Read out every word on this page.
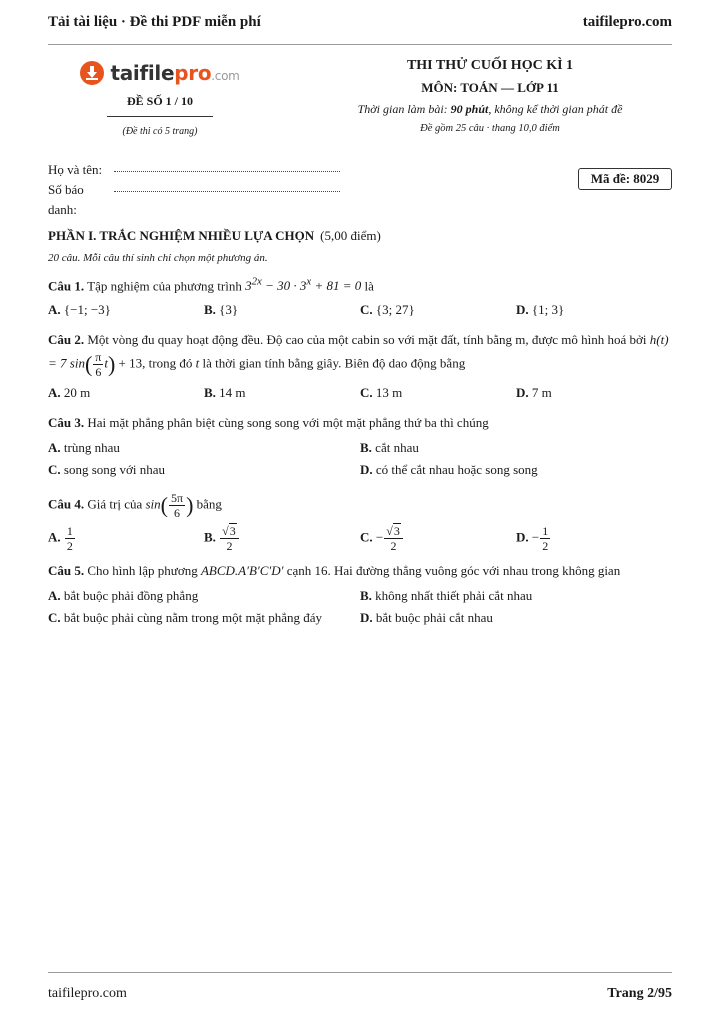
Tải tài liệu · Đề thi PDF miễn phí	taifilepro.com
taifilepro.com
ĐỀ SỐ 1 / 10
(Đề thi có 5 trang)
THI THỬ CUỐI HỌC KÌ 1
MÔN: TOÁN — LỚP 11
Thời gian làm bài: 90 phút, không kể thời gian phát đề
Đề gồm 25 câu · thang 10,0 điểm
Họ và tên:
Số báo danh:
Mã đề: 8029
PHẦN I. TRẮC NGHIỆM NHIỀU LỰA CHỌN (5,00 điểm)
20 câu. Mỗi câu thí sinh chỉ chọn một phương án.
Câu 1. Tập nghiệm của phương trình $3^{2x} - 30 \cdot 3^x + 81 = 0$ là
A. {−1; −3}	B. {3}	C. {3; 27}	D. {1; 3}
Câu 2. Một vòng đu quay hoạt động đều. Độ cao của một cabin so với mặt đất, tính bằng m, được mô hình hoá bởi h(t) = 7 $\sin( \frac{\pi}{6} t) + 13$, trong đó t là thời gian tính bằng giây. Biên độ dao động bằng
A. 20 m	B. 14 m	C. 13 m	D. 7 m
Câu 3. Hai mặt phẳng phân biệt cùng song song với một mặt phẳng thứ ba thì chúng
A. trùng nhau	B. cắt nhau
C. song song với nhau	D. có thể cắt nhau hoặc song song
Câu 4. Giá trị của $\sin( \frac{5\pi}{6}$ ) bằng
A. $\frac{1}{2}$	B. $\frac{√3}{2}$	C. − $\frac{√3}{2}$	D. − $\frac{1}{2}$
Câu 5. Cho hình lập phương ABCD.A′B′C′D′ cạnh 16. Hai đường thẳng vuông góc với nhau trong không gian
A. bắt buộc phải đồng phẳng	B. không nhất thiết phải cắt nhau
C. bắt buộc phải cùng nằm trong một mặt phẳng đáy	D. bắt buộc phải cắt nhau
taifilepro.com	Trang 2/95
